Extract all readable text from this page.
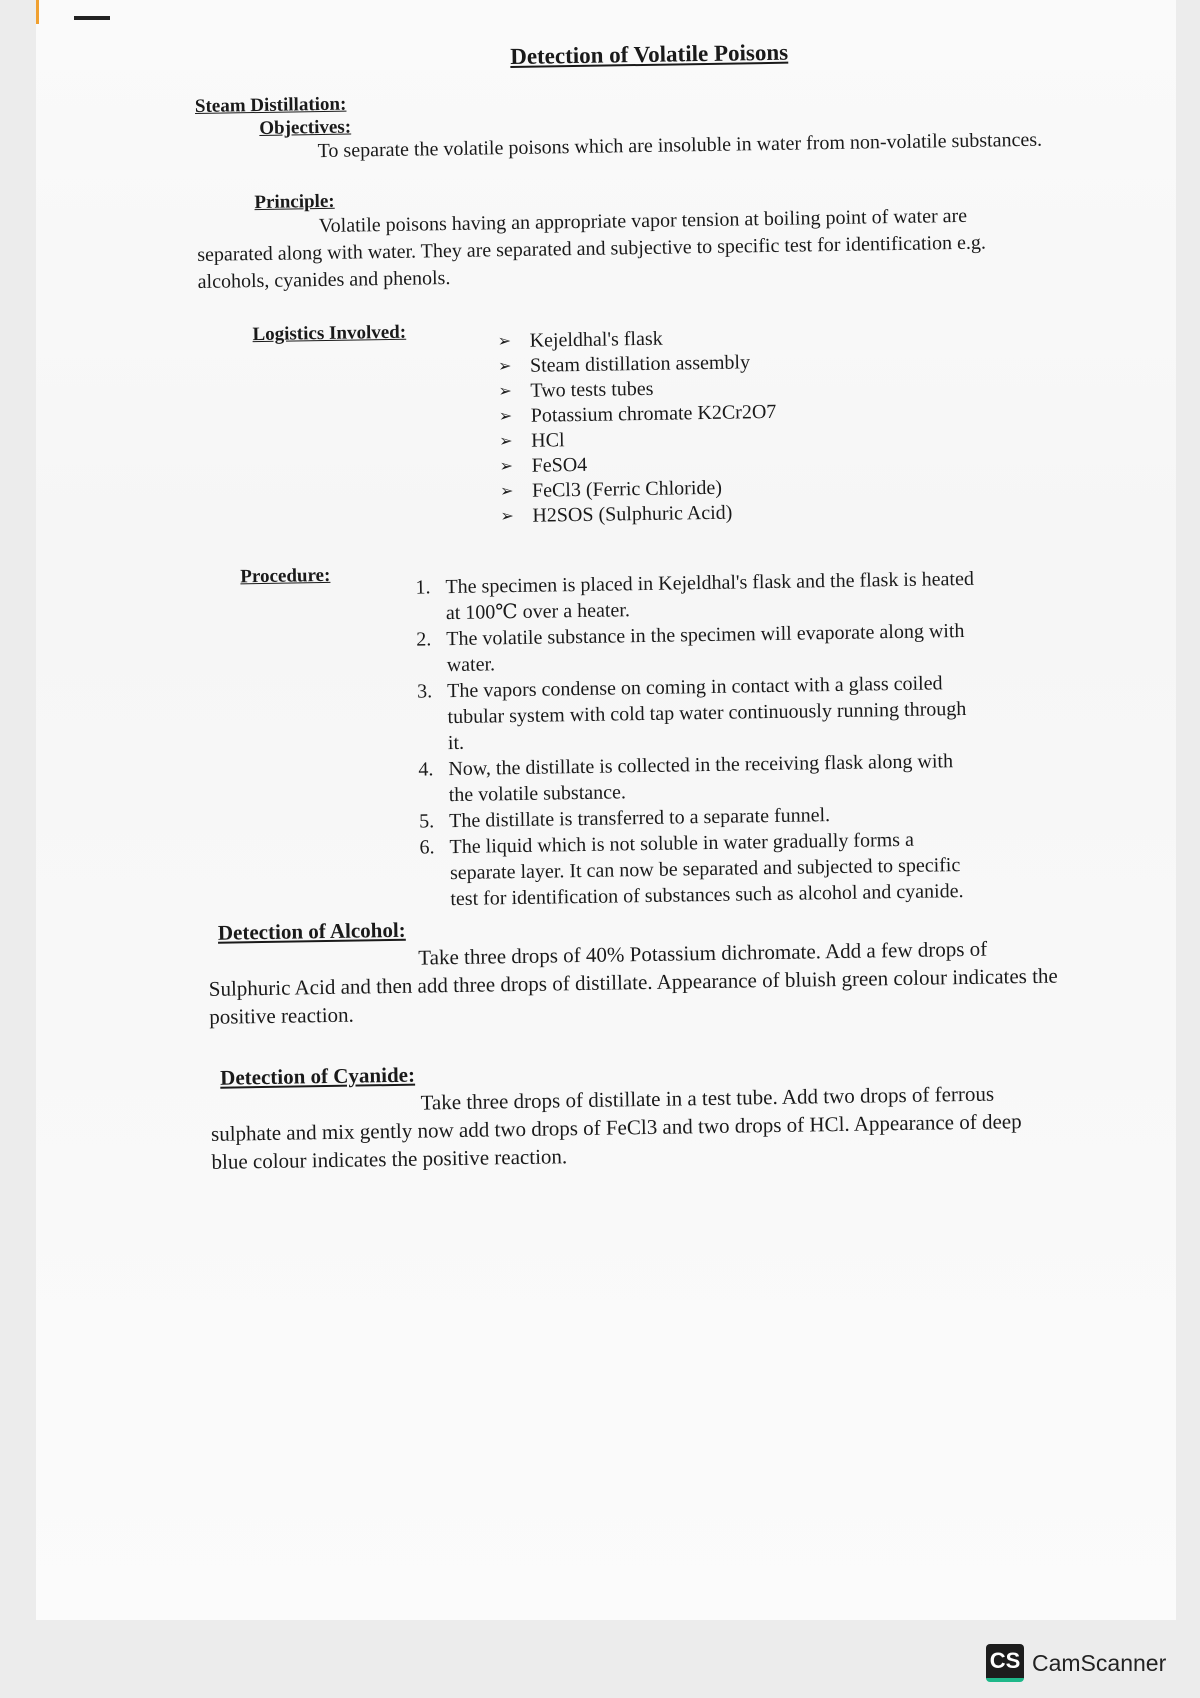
Detection of Volatile Poisons
Steam Distillation:
Objectives:

To separate the volatile poisons which are insoluble in water from non-volatile substances.

Principle:

Volatile poisons having an appropriate vapor tension at boiling point of water are separated along with water. They are separated and subjective to specific test for identification e.g. alcohols, cyanides and phenols.

Logistics Involved:	➢ Kejeldhal's flask
➢ Steam distillation assembly
➢ Two tests tubes
➢ Potassium chromate K2Cr2O7
➢ HCl
➢ FeSO4
➢ FeCl3 (Ferric Chloride)
➢ H2SOS (Sulphuric Acid)
Procedure:
1. The specimen is placed in Kejeldhal's flask and the flask is heated at 100℃ over a heater.
2. The volatile substance in the specimen will evaporate along with water.
3. The vapors condense on coming in contact with a glass coiled tubular system with cold tap water continuously running through it.
4. Now, the distillate is collected in the receiving flask along with the volatile substance.
5. The distillate is transferred to a separate funnel.
6. The liquid which is not soluble in water gradually forms a separate layer. It can now be separated and subjected to specific test for identification of substances such as alcohol and cyanide.
Detection of Alcohol:

Take three drops of 40% Potassium dichromate. Add a few drops of Sulphuric Acid and then add three drops of distillate. Appearance of bluish green colour indicates the positive reaction.

Detection of Cyanide:

Take three drops of distillate in a test tube. Add two drops of ferrous sulphate and mix gently now add two drops of FeCl3 and two drops of HCl. Appearance of deep blue colour indicates the positive reaction.

CS CamScanner
